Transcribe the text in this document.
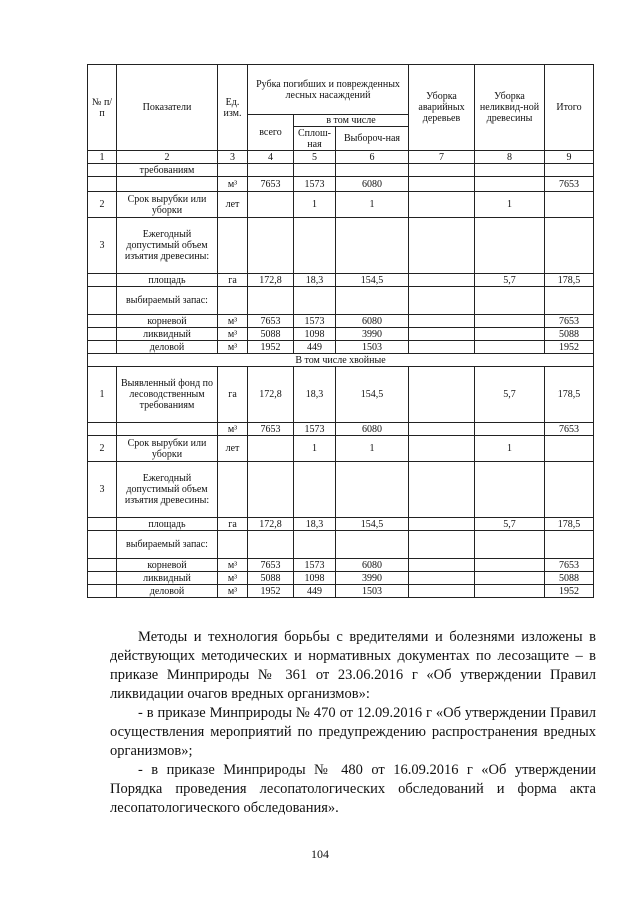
№ п/п	Показатели	Ед. изм.	Рубка погибших и поврежденных лесных насаждений			Уборка аварийных деревьев	Уборка неликвид-ной древесины	Итого
			всего	в том числе				
				Сплош-ная	Выбороч-ная			
1	2	3	4	5	6	7	8	9
	требованиям							
		м³	7653	1573	6080			7653
2	Срок вырубки или уборки	лет		1	1		1	
3	Ежегодный допустимый объем изъятия древесины:							
	площадь	га	172,8	18,3	154,5		5,7	178,5
	выбираемый запас:							
	корневой	м³	7653	1573	6080			7653
	ликвидный	м³	5088	1098	3990			5088
	деловой	м³	1952	449	1503			1952
В том числе хвойные								
1	Выявленный фонд по лесоводственным требованиям	га	172,8	18,3	154,5		5,7	178,5
		м³	7653	1573	6080			7653
2	Срок вырубки или уборки	лет		1	1		1	
3	Ежегодный допустимый объем изъятия древесины:							
	площадь	га	172,8	18,3	154,5		5,7	178,5
	выбираемый запас:							
	корневой	м³	7653	1573	6080			7653
	ликвидный	м³	5088	1098	3990			5088
	деловой	м³	1952	449	1503			1952

Методы и технология борьбы с вредителями и болезнями изложены в действующих методических и нормативных документах по лесозащите – в приказе Минприроды № 361 от 23.06.2016 г «Об утверждении Правил ликвидации очагов вредных организмов»:

- в приказе Минприроды № 470 от 12.09.2016 г «Об утверждении Правил осуществления мероприятий по предупреждению распространения вредных организмов»;

- в приказе Минприроды № 480 от 16.09.2016 г «Об утверждении Порядка проведения лесопатологических обследований и форма акта лесопатологического обследования».

104
